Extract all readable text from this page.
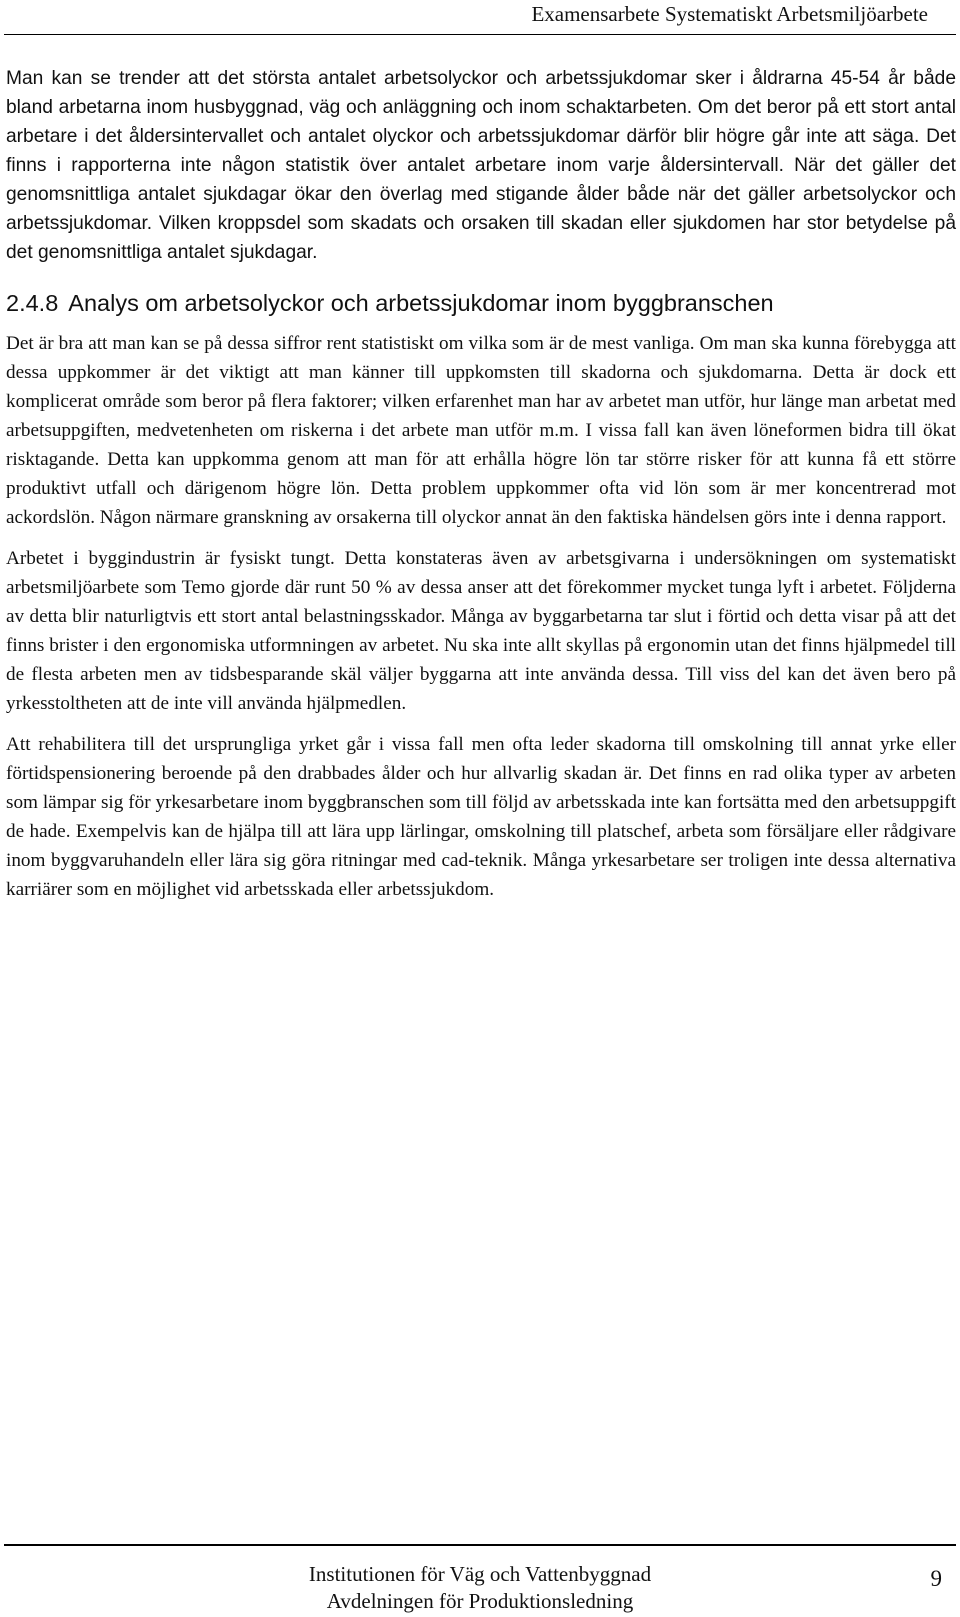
Examensarbete Systematiskt Arbetsmiljöarbete

Man kan se trender att det största antalet arbetsolyckor och arbetssjukdomar sker i åldrarna 45-54 år både bland arbetarna inom husbyggnad, väg och anläggning och inom schaktarbeten. Om det beror på ett stort antal arbetare i det åldersintervallet och antalet olyckor och arbetssjukdomar därför blir högre går inte att säga. Det finns i rapporterna inte någon statistik över antalet arbetare inom varje åldersintervall. När det gäller det genomsnittliga antalet sjukdagar ökar den överlag med stigande ålder både när det gäller arbetsolyckor och arbetssjukdomar. Vilken kroppsdel som skadats och orsaken till skadan eller sjukdomen har stor betydelse på det genomsnittliga antalet sjukdagar.

2.4.8 Analys om arbetsolyckor och arbetssjukdomar inom byggbranschen

Det är bra att man kan se på dessa siffror rent statistiskt om vilka som är de mest vanliga. Om man ska kunna förebygga att dessa uppkommer är det viktigt att man känner till uppkomsten till skadorna och sjukdomarna. Detta är dock ett komplicerat område som beror på flera faktorer; vilken erfarenhet man har av arbetet man utför, hur länge man arbetat med arbetsuppgiften, medvetenheten om riskerna i det arbete man utför m.m. I vissa fall kan även löneformen bidra till ökat risktagande. Detta kan uppkomma genom att man för att erhålla högre lön tar större risker för att kunna få ett större produktivt utfall och därigenom högre lön. Detta problem uppkommer ofta vid lön som är mer koncentrerad mot ackordslön. Någon närmare granskning av orsakerna till olyckor annat än den faktiska händelsen görs inte i denna rapport.

Arbetet i byggindustrin är fysiskt tungt. Detta konstateras även av arbetsgivarna i undersökningen om systematiskt arbetsmiljöarbete som Temo gjorde där runt 50 % av dessa anser att det förekommer mycket tunga lyft i arbetet. Följderna av detta blir naturligtvis ett stort antal belastningsskador. Många av byggarbetarna tar slut i förtid och detta visar på att det finns brister i den ergonomiska utformningen av arbetet. Nu ska inte allt skyllas på ergonomin utan det finns hjälpmedel till de flesta arbeten men av tidsbesparande skäl väljer byggarna att inte använda dessa. Till viss del kan det även bero på yrkesstoltheten att de inte vill använda hjälpmedlen.

Att rehabilitera till det ursprungliga yrket går i vissa fall men ofta leder skadorna till omskolning till annat yrke eller förtidspensionering beroende på den drabbades ålder och hur allvarlig skadan är. Det finns en rad olika typer av arbeten som lämpar sig för yrkesarbetare inom byggbranschen som till följd av arbetsskada inte kan fortsätta med den arbetsuppgift de hade. Exempelvis kan de hjälpa till att lära upp lärlingar, omskolning till platschef, arbeta som försäljare eller rådgivare inom byggvaruhandeln eller lära sig göra ritningar med cad-teknik. Många yrkesarbetare ser troligen inte dessa alternativa karriärer som en möjlighet vid arbetsskada eller arbetssjukdom.

Institutionen för Väg och Vattenbyggnad
Avdelningen för Produktionsledning
9
